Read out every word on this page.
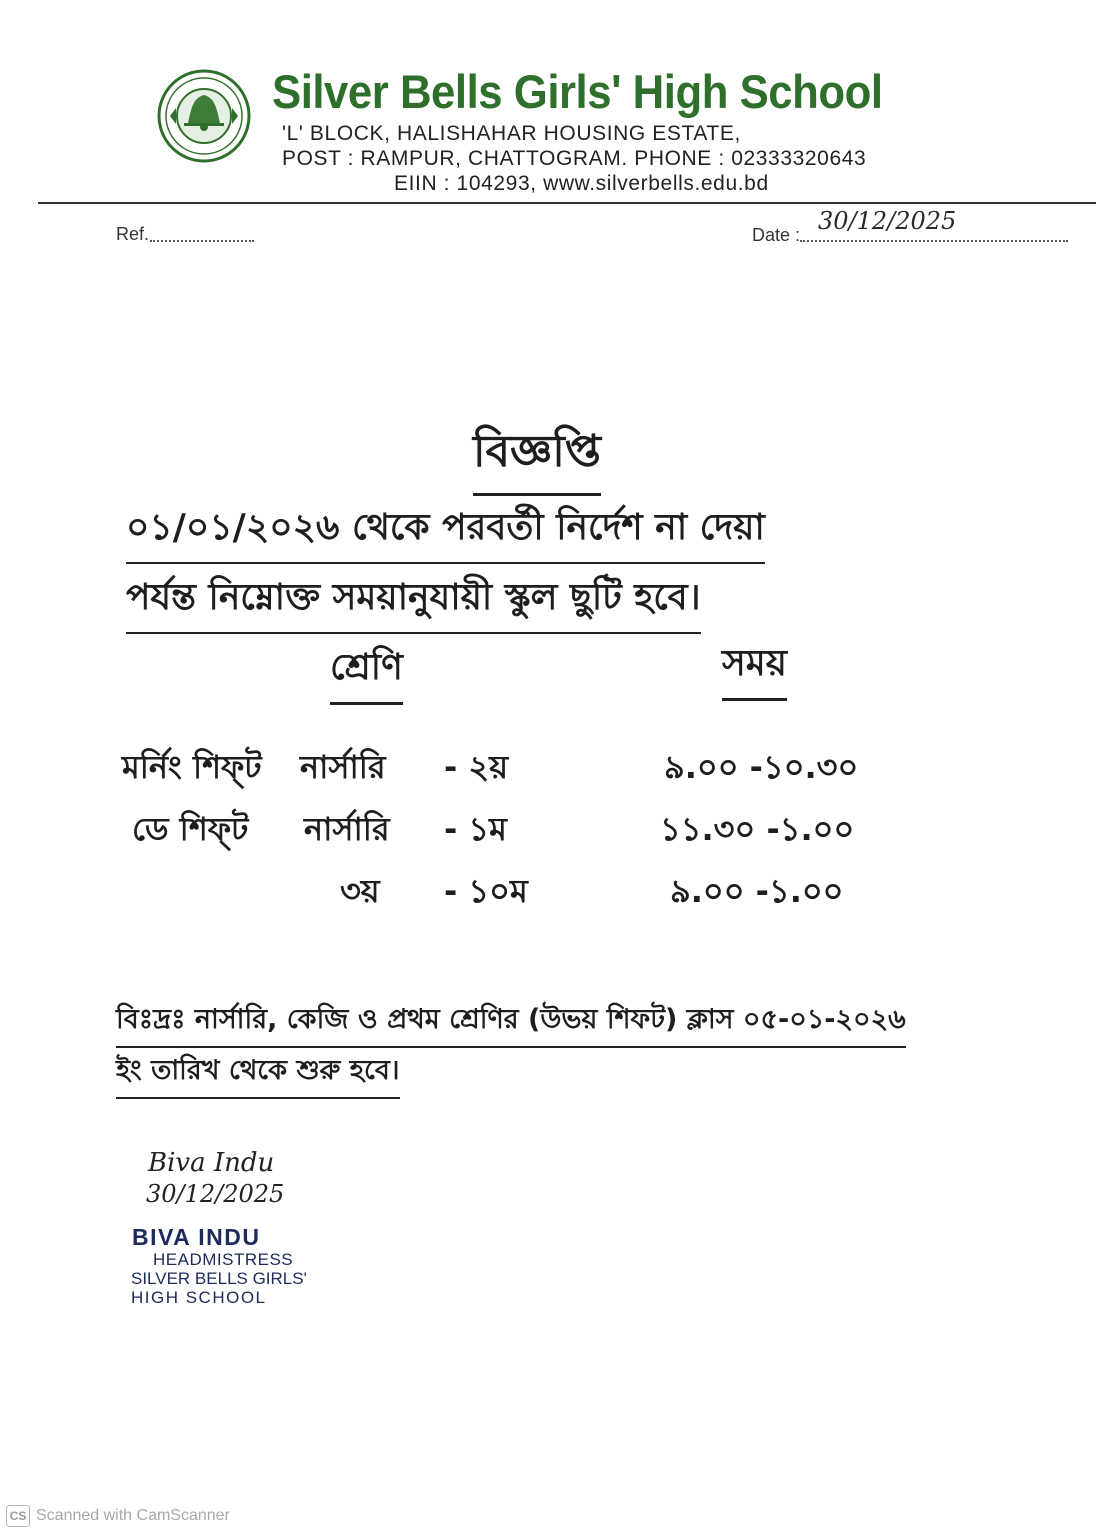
Silver Bells Girls' High School
'L' BLOCK, HALISHAHAR HOUSING ESTATE,
POST : RAMPUR, CHATTOGRAM. PHONE : 02333320643
EIIN : 104293, www.silverbells.edu.bd
Ref.	Date : 30/12/2025
বিজ্ঞপ্তি
০১/০১/২০২৬ থেকে পরবর্তী নির্দেশ না দেয়া
পর্যন্ত নিম্নোক্ত সময়ানুযায়ী স্কুল ছুটি হবে।
শ্রেণি	সময়
মর্নিং শিফ্‌ট নার্সারি - ২য়	৯.০০ -১০.৩০
ডে শিফ্‌ট নার্সারি - ১ম	১১.৩০ -১.০০
৩য় - ১০ম	৯.০০ -১.০০
বিঃদ্রঃ নার্সারি, কেজি ও প্রথম শ্রেণির (উভয় শিফট) ক্লাস ০৫-০১-২০২৬
ইং তারিখ থেকে শুরু হবে।
Biva Indu
30/12/2025
BIVA INDU
HEADMISTRESS
SILVER BELLS GIRLS'
HIGH SCHOOL
CS Scanned with CamScanner
